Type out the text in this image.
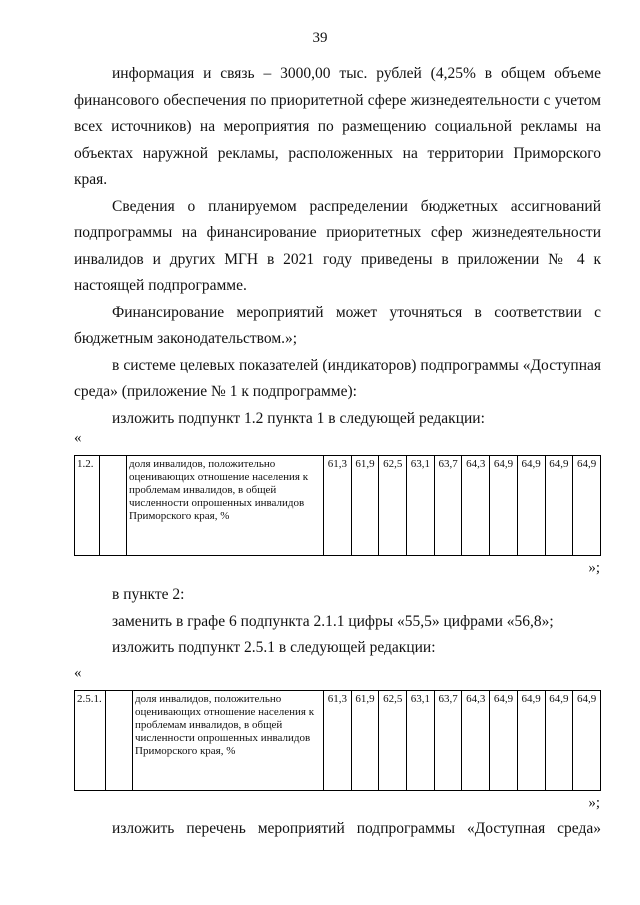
39

информация и связь – 3000,00 тыс. рублей (4,25% в общем объеме финансового обеспечения по приоритетной сфере жизнедеятельности с учетом всех источников) на мероприятия по размещению социальной рекламы на объектах наружной рекламы, расположенных на территории Приморского края.

Сведения о планируемом распределении бюджетных ассигнований подпрограммы на финансирование приоритетных сфер жизнедеятельности инвалидов и других МГН в 2021 году приведены в приложении № 4 к настоящей подпрограмме.

Финансирование мероприятий может уточняться в соответствии с бюджетным законодательством.»;

в системе целевых показателей (индикаторов) подпрограммы «Доступная среда» (приложение № 1 к подпрограмме):

изложить подпункт 1.2 пункта 1 в следующей редакции:

«
1.2.		доля инвалидов, положительно оценивающих отношение населения к проблемам инвалидов, в общей численности опрошенных инвалидов Приморского края, %	61,3	61,9	62,5	63,1	63,7	64,3	64,9	64,9	64,9	64,9
»;

в пункте 2:

заменить в графе 6 подпункта 2.1.1 цифры «55,5» цифрами «56,8»;

изложить подпункт 2.5.1 в следующей редакции:

«
2.5.1.		доля инвалидов, положительно оценивающих отношение населения к проблемам инвалидов, в общей численности опрошенных инвалидов Приморского края, %	61,3	61,9	62,5	63,1	63,7	64,3	64,9	64,9	64,9	64,9
»;

изложить перечень мероприятий подпрограммы «Доступная среда»
